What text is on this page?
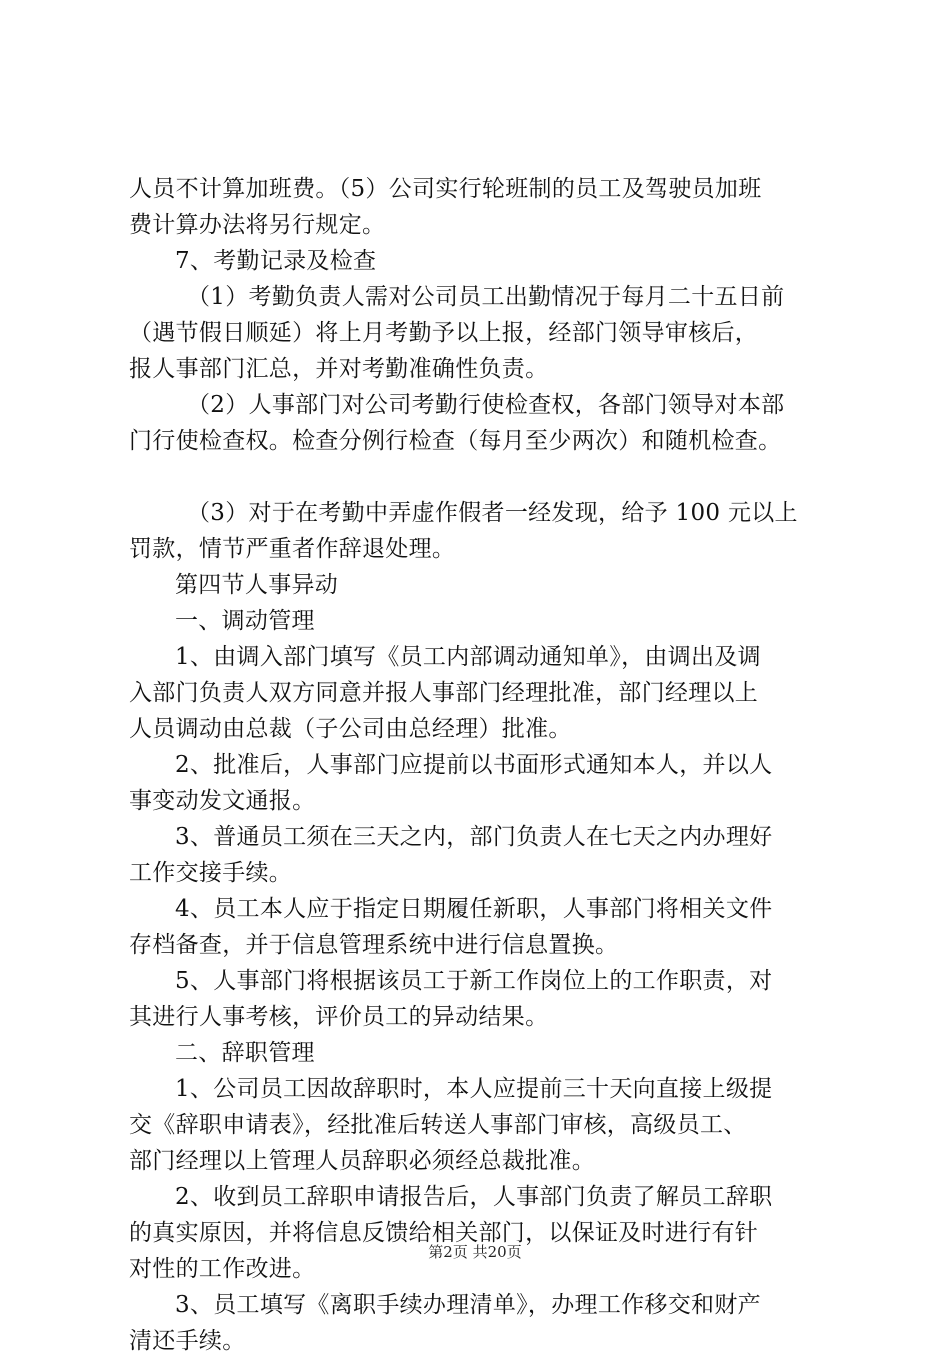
人员不计算加班费。（5）公司实行轮班制的员工及驾驶员加班
费计算办法将另行规定。
7、考勤记录及检查
（1）考勤负责人需对公司员工出勤情况于每月二十五日前
（遇节假日顺延）将上月考勤予以上报，经部门领导审核后，
报人事部门汇总，并对考勤准确性负责。
（2）人事部门对公司考勤行使检查权，各部门领导对本部
门行使检查权。检查分例行检查（每月至少两次）和随机检查。
（3）对于在考勤中弄虚作假者一经发现，给予 100 元以上
罚款，情节严重者作辞退处理。
第四节人事异动
一、调动管理
1、由调入部门填写《员工内部调动通知单》，由调出及调
入部门负责人双方同意并报人事部门经理批准，部门经理以上
人员调动由总裁（子公司由总经理）批准。
2、批准后，人事部门应提前以书面形式通知本人，并以人
事变动发文通报。
3、普通员工须在三天之内，部门负责人在七天之内办理好
工作交接手续。
4、员工本人应于指定日期履任新职，人事部门将相关文件
存档备查，并于信息管理系统中进行信息置换。
5、人事部门将根据该员工于新工作岗位上的工作职责，对
其进行人事考核，评价员工的异动结果。
二、辞职管理
1、公司员工因故辞职时，本人应提前三十天向直接上级提
交《辞职申请表》，经批准后转送人事部门审核，高级员工、
部门经理以上管理人员辞职必须经总裁批准。
2、收到员工辞职申请报告后，人事部门负责了解员工辞职
的真实原因，并将信息反馈给相关部门，以保证及时进行有针
对性的工作改进。
3、员工填写《离职手续办理清单》，办理工作移交和财产
清还手续。
第2页 共20页
